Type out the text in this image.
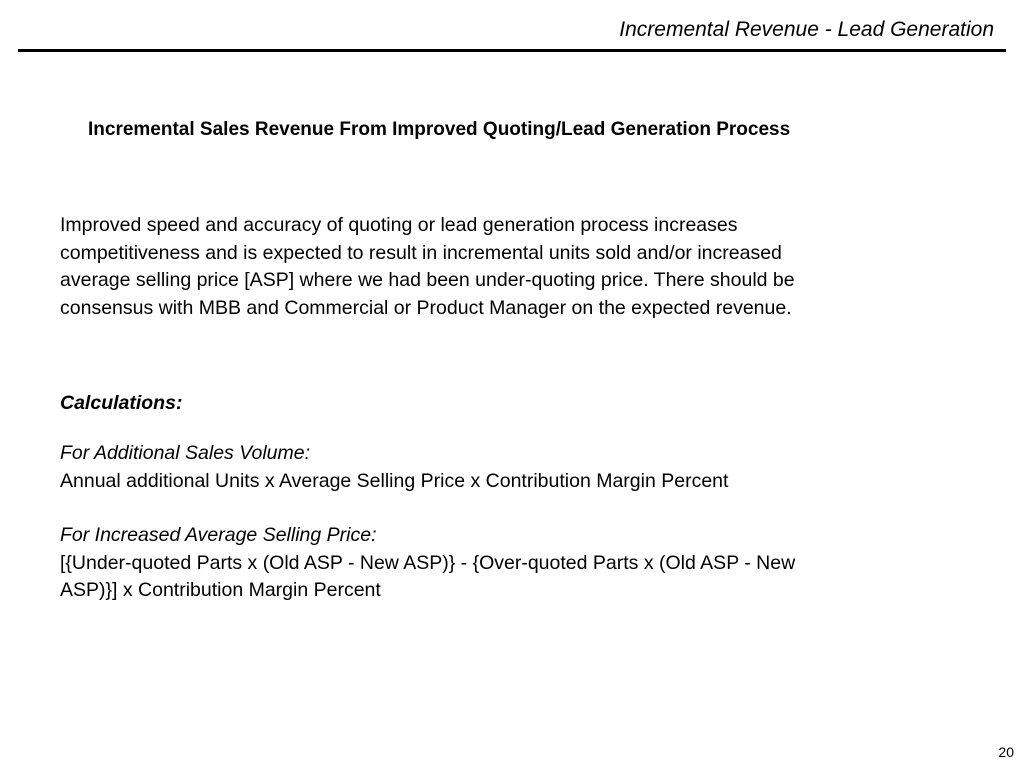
Incremental Revenue - Lead Generation
Incremental Sales Revenue From Improved Quoting/Lead Generation Process

Improved speed and accuracy of quoting or lead generation process increases
competitiveness and is expected to result in incremental units sold and/or increased
average selling price [ASP] where we had been under-quoting price. There should be
consensus with MBB and Commercial or Product Manager on the expected revenue.

Calculations:

For Additional Sales Volume:
Annual additional Units x Average Selling Price x Contribution Margin Percent

For Increased Average Selling Price:
[{Under-quoted Parts x (Old ASP - New ASP)} - {Over-quoted Parts x (Old ASP - New
ASP)}] x Contribution Margin Percent

20
